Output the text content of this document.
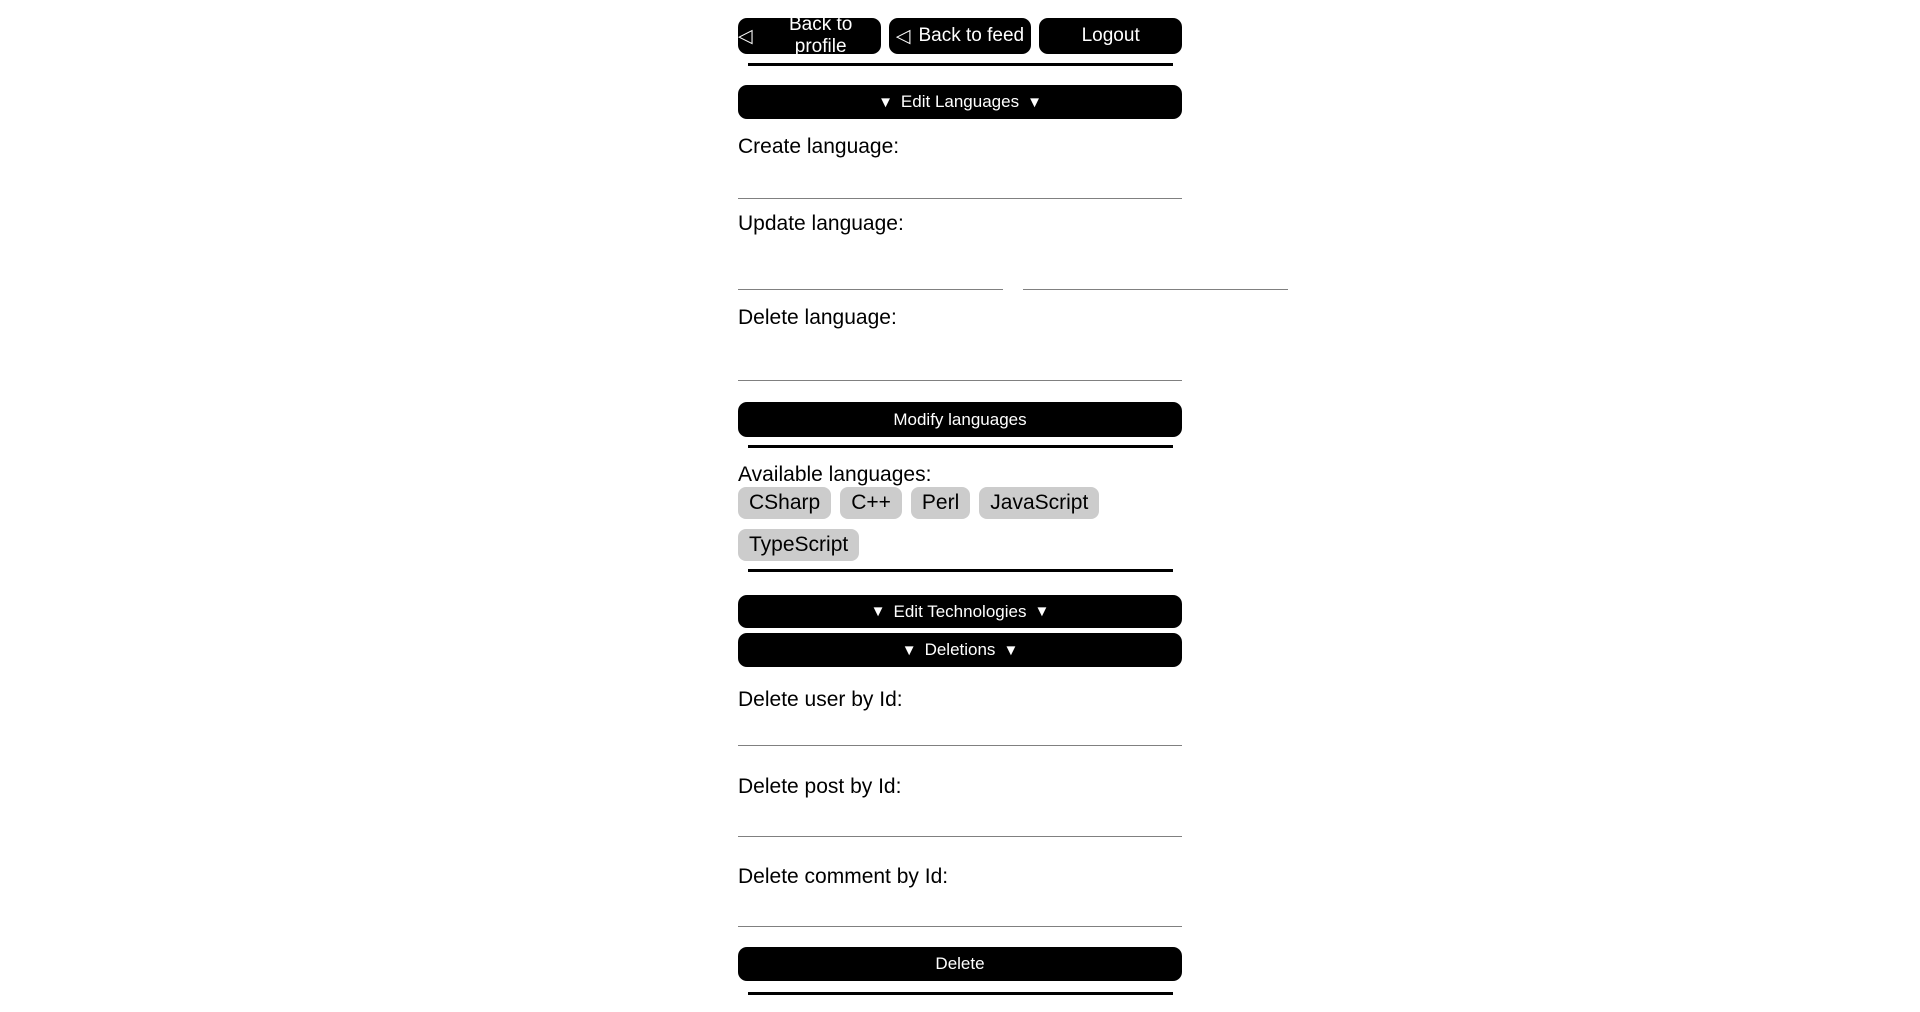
◁
Back to profile	◁ Back to feed	Logout
▼ Edit Languages ▼
Create language:
Update language:
Delete language:
Modify languages
Available languages:
CSharp	C++	Perl	JavaScript
TypeScript
▼ Edit Technologies ▼
▼ Deletions ▼
Delete user by Id:
Delete post by Id:
Delete comment by Id:
Delete
